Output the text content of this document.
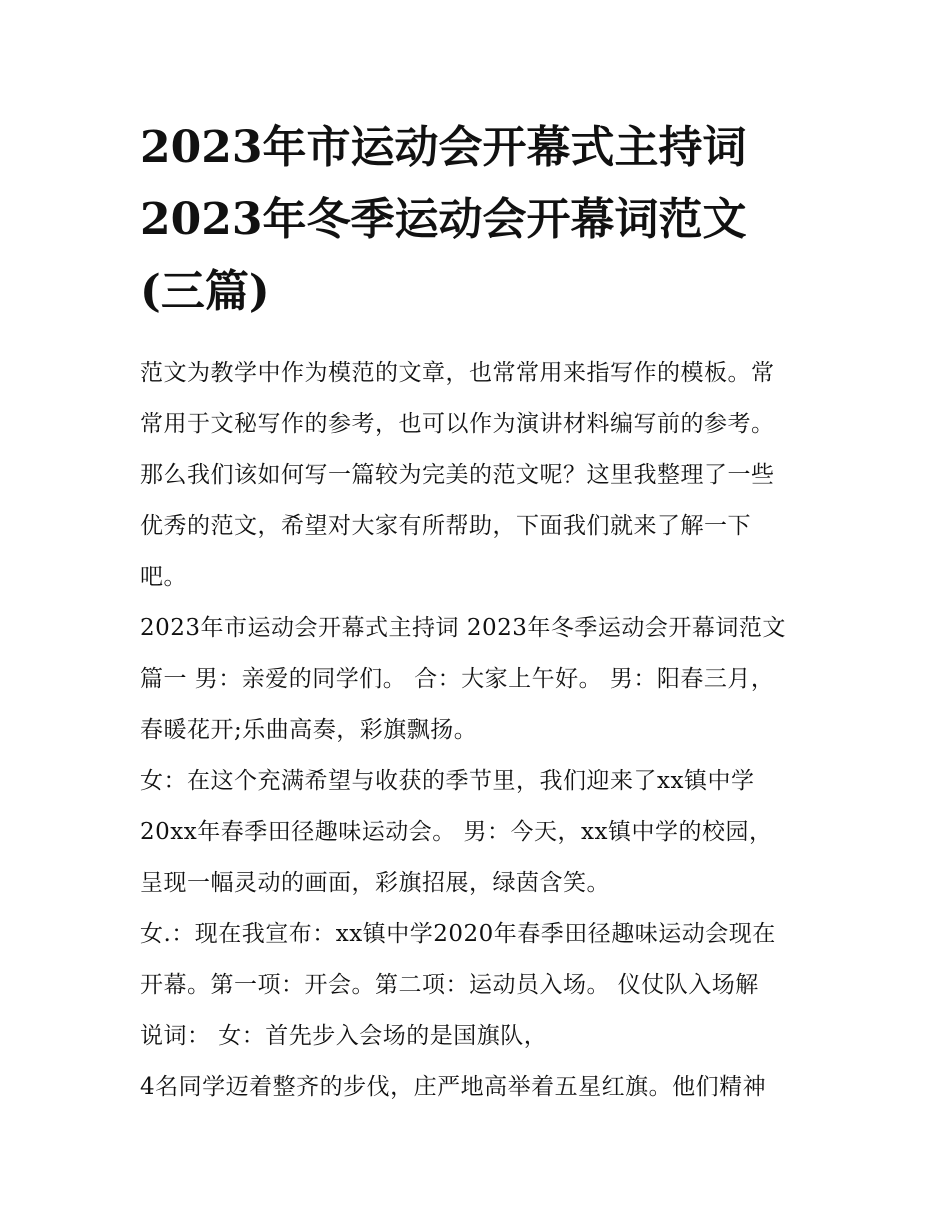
2023年市运动会开幕式主持词
2023年冬季运动会开幕词范文
(三篇)

范文为教学中作为模范的文章，也常常用来指写作的模板。常
常用于文秘写作的参考，也可以作为演讲材料编写前的参考。
那么我们该如何写一篇较为完美的范文呢？这里我整理了一些
优秀的范文，希望对大家有所帮助，下面我们就来了解一下
吧。

2023年市运动会开幕式主持词 2023年冬季运动会开幕词范文
篇一 男：亲爱的同学们。 合：大家上午好。 男：阳春三月，
春暖花开;乐曲高奏，彩旗飘扬。

女：在这个充满希望与收获的季节里，我们迎来了xx镇中学
20xx年春季田径趣味运动会。 男：今天，xx镇中学的校园，
呈现一幅灵动的画面，彩旗招展，绿茵含笑。

女.：现在我宣布：xx镇中学2020年春季田径趣味运动会现在
开幕。第一项：开会。第二项：运动员入场。 仪仗队入场解
说词： 女：首先步入会场的是国旗队，

4名同学迈着整齐的步伐，庄严地高举着五星红旗。他们精神
